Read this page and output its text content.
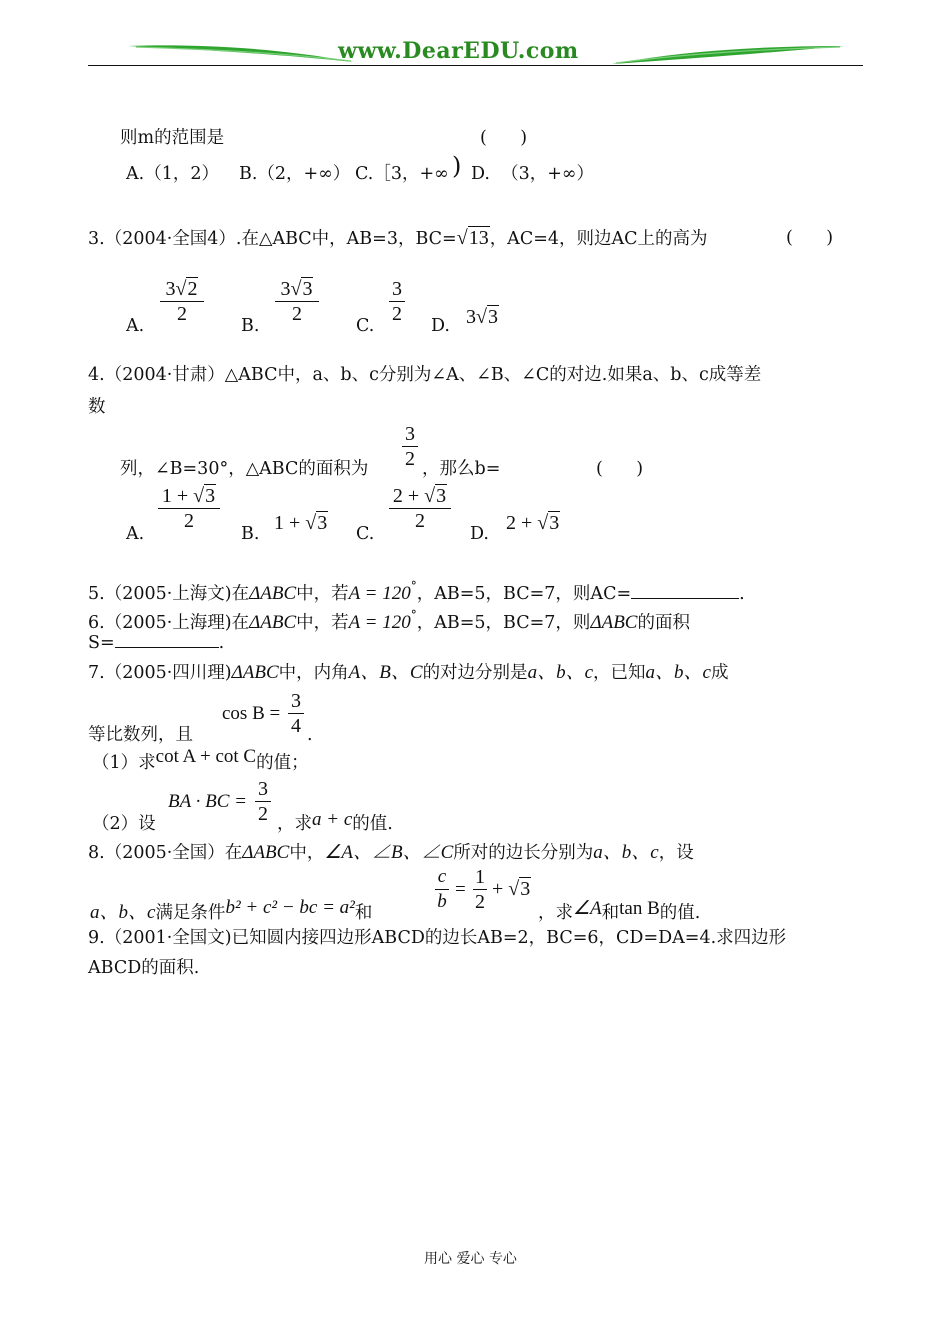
www.DearEDU.com
则m的范围是	(      )
A.（1，2） B.（2，+∞） C.［3，+∞ ) D.  （3，+∞）
3.（2004·全国4）.在△ABC中，AB=3，BC=√13，AC=4，则边AC上的高为	(      )
A.
3√2
2
B.
3√3
2
C.
3
2
D. 3√3
4.（2004·甘肃）△ABC中，a、b、c分别为∠A、∠B、∠C的对边.如果a、b、c成等差
数
列，∠B=30°，△ABC的面积为
3
2 ，那么b=	(      )
A.
1 + √3
2
B. 1 + √3 C.
2 + √3
2
D. 2 + √3
5.（2005·上海文)在ΔABC中，若A = 120°，AB=5，BC=7，则AC=	.
6.（2005·上海理)在ΔABC中，若A = 120°，AB=5，BC=7，则ΔABC的面积
S=	.
7.（2005·四川理)ΔABC中，内角A、B、C的对边分别是a、b、c，已知a、b、c成
等比数列，且
cos B =
3
4 .
（1）求cot A + cot C的值；
（2）设
BA · BC =
3
2 ，求a + c的值.
8.（2005·全国）在ΔABC中，∠A、∠B、∠C所对的边长分别为a、b、c，设
a、b、c满足条件b² + c² − bc = a²和
c
b
=
1
2
+ √3
，求∠A和tan B的值.
9.（2001·全国文)已知圆内接四边形ABCD的边长AB=2，BC=6，CD=DA=4.求四边形
ABCD的面积.
用心 爱心 专心
